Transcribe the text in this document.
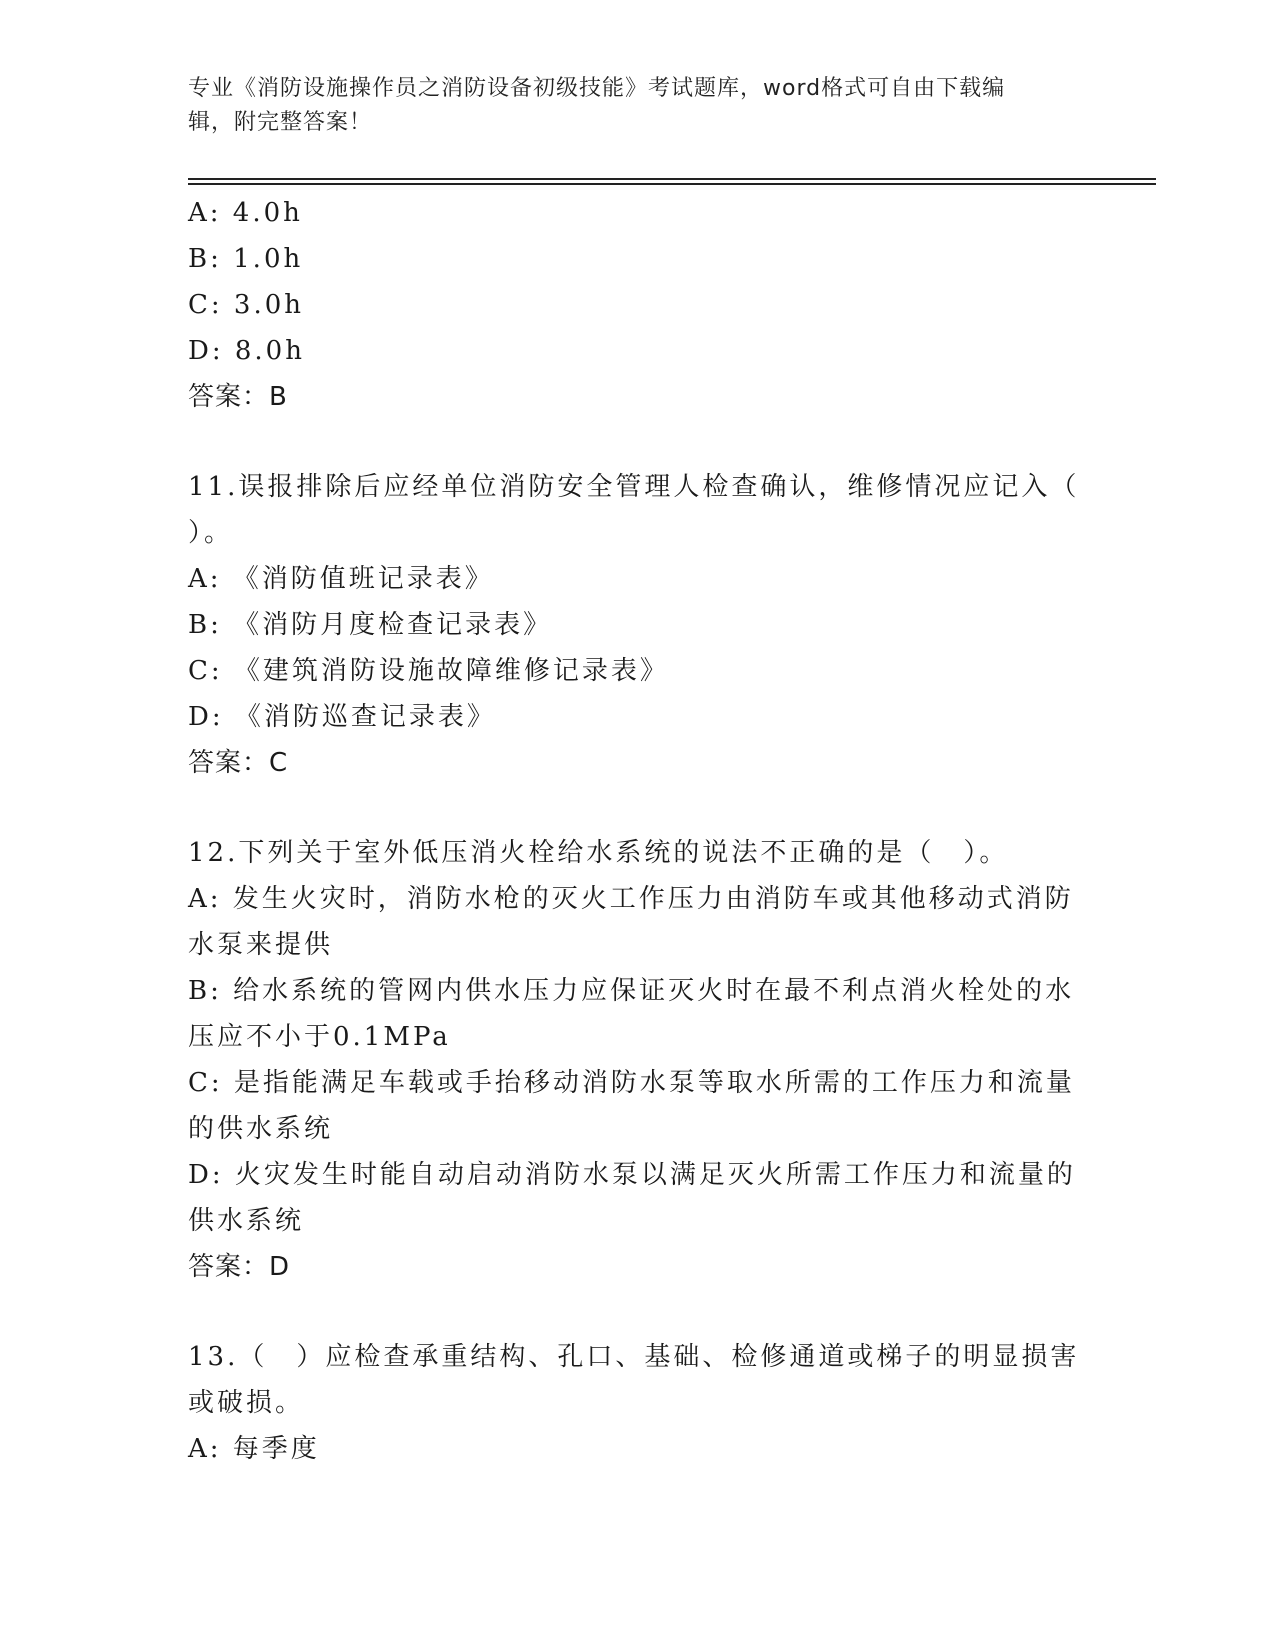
专业《消防设施操作员之消防设备初级技能》考试题库，word格式可自由下载编
辑，附完整答案！
A: 4.0h
B: 1.0h
C: 3.0h
D: 8.0h
答案：B
11.误报排除后应经单位消防安全管理人检查确认，维修情况应记入（
）。
A: 《消防值班记录表》
B: 《消防月度检查记录表》
C: 《建筑消防设施故障维修记录表》
D: 《消防巡查记录表》
答案：C
12.下列关于室外低压消火栓给水系统的说法不正确的是（　）。
A: 发生火灾时，消防水枪的灭火工作压力由消防车或其他移动式消防
水泵来提供
B: 给水系统的管网内供水压力应保证灭火时在最不利点消火栓处的水
压应不小于0.1MPa
C: 是指能满足车载或手抬移动消防水泵等取水所需的工作压力和流量
的供水系统
D: 火灾发生时能自动启动消防水泵以满足灭火所需工作压力和流量的
供水系统
答案：D
13.（　）应检查承重结构、孔口、基础、检修通道或梯子的明显损害
或破损。
A: 每季度
